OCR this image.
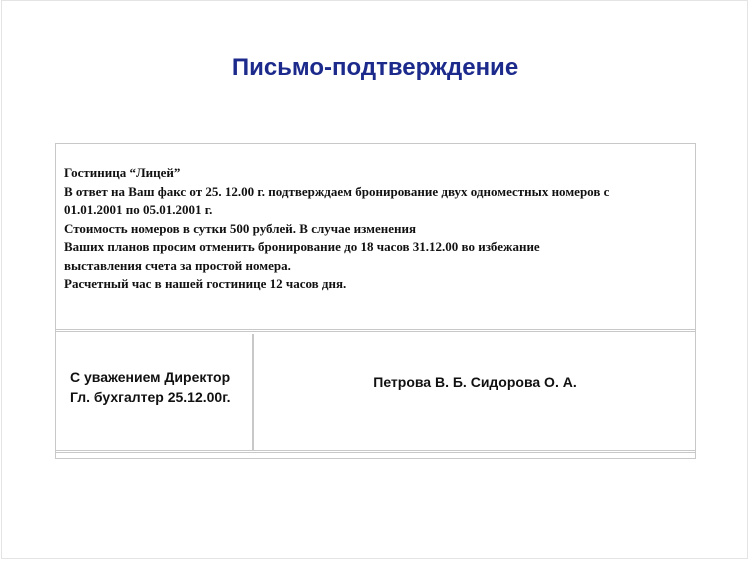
Письмо-подтверждение
Гостиница “Лицей”
В ответ на Ваш факс от 25. 12.00 г. подтверждаем бронирование двух одноместных номеров с
01.01.2001 по 05.01.2001 г.
Стоимость номеров в сутки 500 рублей. В случае изменения
Ваших планов просим отменить бронирование до 18 часов 31.12.00 во избежание
выставления счета за простой номера.
Расчетный час в нашей гостинице 12 часов дня.
С уважением Директор
Гл. бухгалтер 25.12.00г.
Петрова В. Б. Сидорова О. А.
